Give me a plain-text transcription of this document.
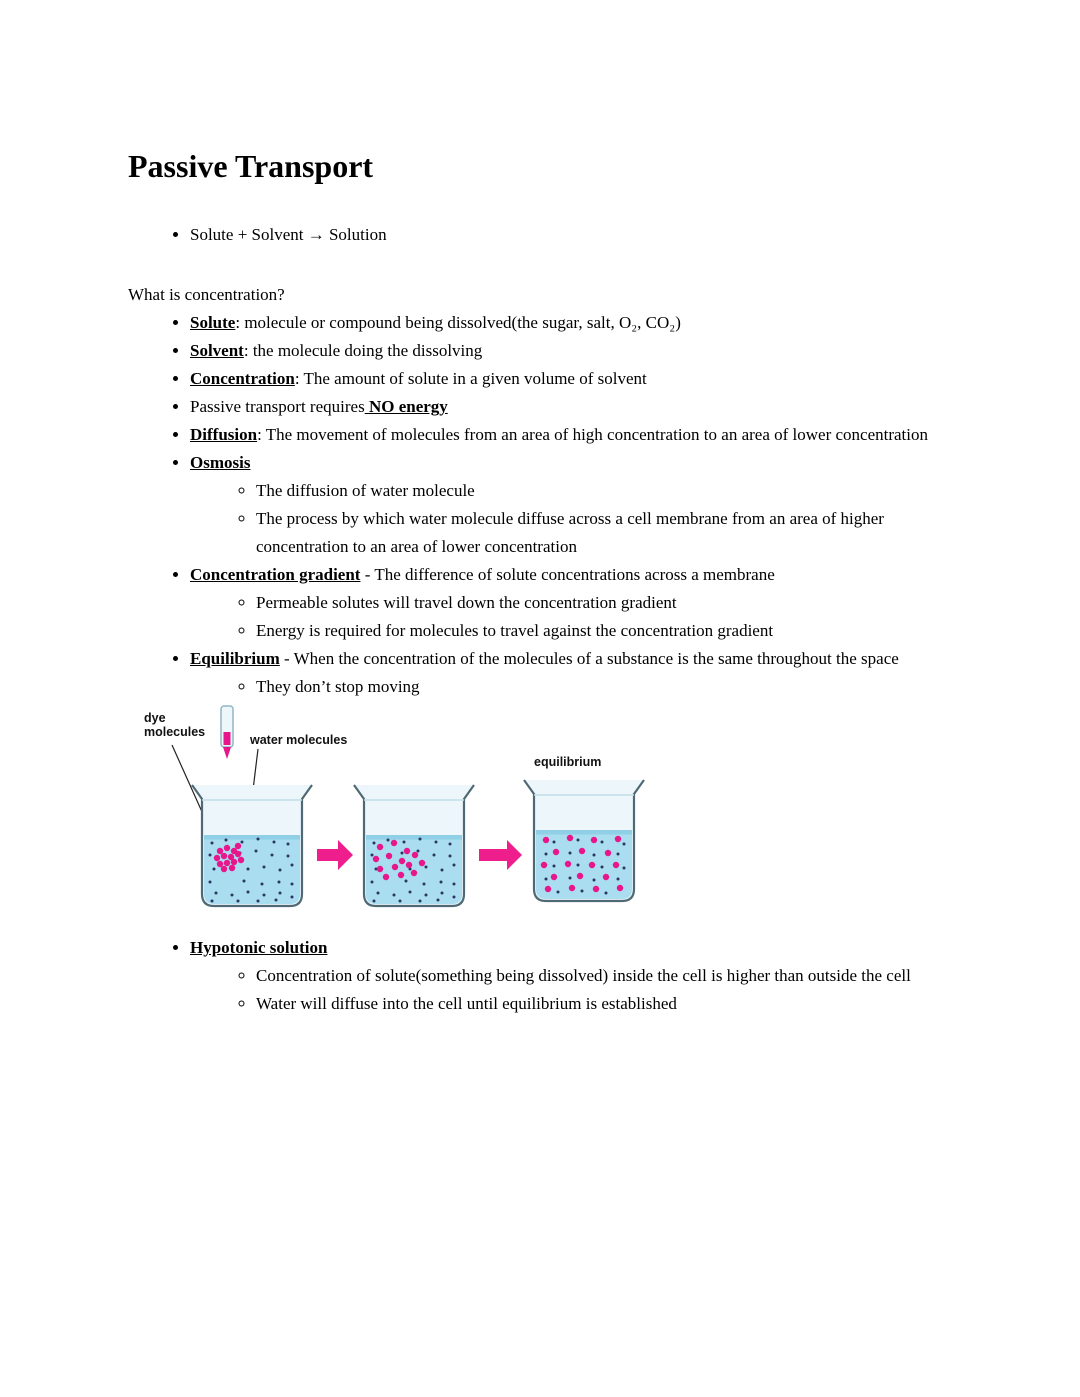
Passive Transport
• Solute + Solvent → Solution
What is concentration?
• Solute: molecule or compound being dissolved(the sugar, salt, O₂, CO₂)
• Solvent: the molecule doing the dissolving
• Concentration: The amount of solute in a given volume of solvent
• Passive transport requires NO energy
• Diffusion: The movement of molecules from an area of high concentration to an area of lower concentration
• Osmosis
◦ The diffusion of water molecule
◦ The process by which water molecule diffuse across a cell membrane from an area of higher concentration to an area of lower concentration
• Concentration gradient - The difference of solute concentrations across a membrane
◦ Permeable solutes will travel down the concentration gradient
◦ Energy is required for molecules to travel against the concentration gradient
• Equilibrium - When the concentration of the molecules of a substance is the same throughout the space
◦ They don’t stop moving
dye molecules
water molecules
equilibrium
• Hypotonic solution
◦ Concentration of solute(something being dissolved) inside the cell is higher than outside the cell
◦ Water will diffuse into the cell until equilibrium is established
